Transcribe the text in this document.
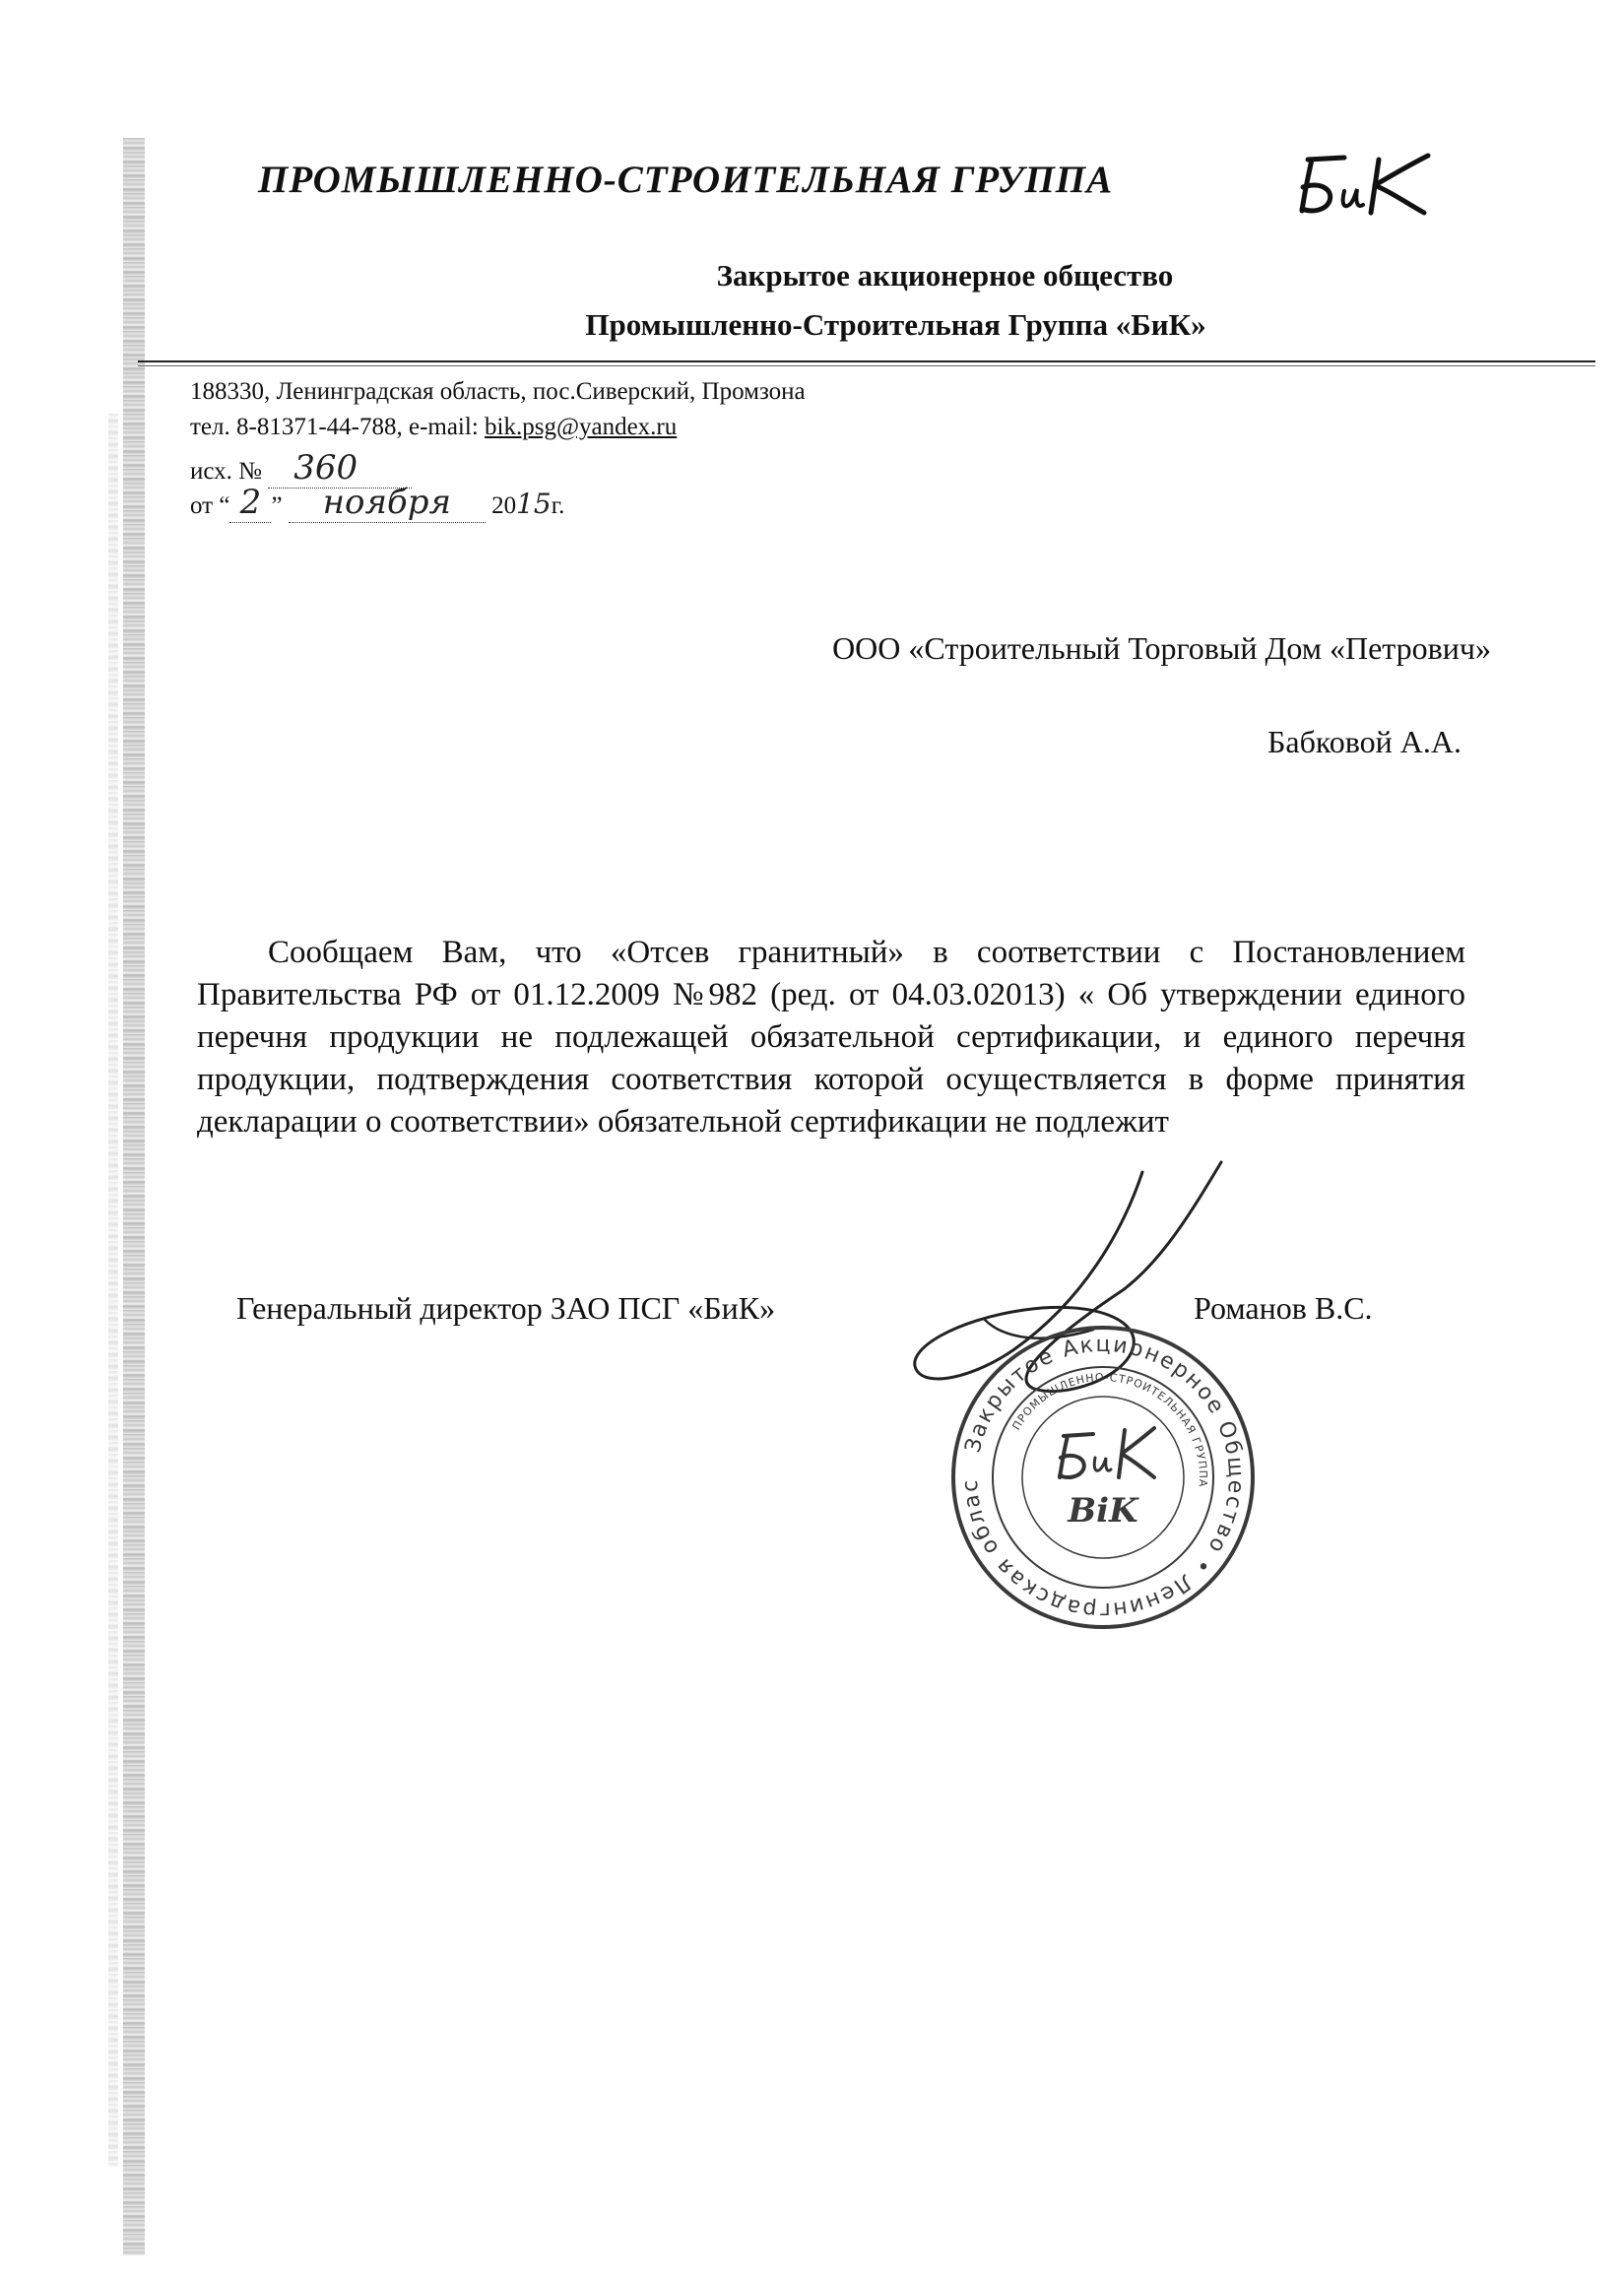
ПРОМЫШЛЕННО-СТРОИТЕЛЬНАЯ ГРУППА
Закрытое акционерное общество
Промышленно-Строительная Группа «БиК»
188330, Ленинградская область, пос.Сиверский, Промзона
тел. 8-81371-44-788, e-mail: bik.psg@yandex.ru
исх. № 360
от “ 2 ” ноября 2015г.
ООО «Строительный Торговый Дом «Петрович»
Бабковой А.А.
Сообщаем Вам, что «Отсев гранитный» в соответствии с Постановлением Правительства РФ от 01.12.2009 №982 (ред. от 04.03.02013) « Об утверждении единого перечня продукции не подлежащей обязательной сертификации, и единого перечня продукции, подтверждения соответствия которой осуществляется в форме принятия декларации о соответствии» обязательной сертификации не подлежит
Генеральный директор ЗАО ПСГ «БиК»	Романов В.С.
Закрытое Акционерное Общество • Ленинградская облас
ПРОМЫШЛЕННО-СТРОИТЕЛЬНАЯ ГРУППА
BiK
